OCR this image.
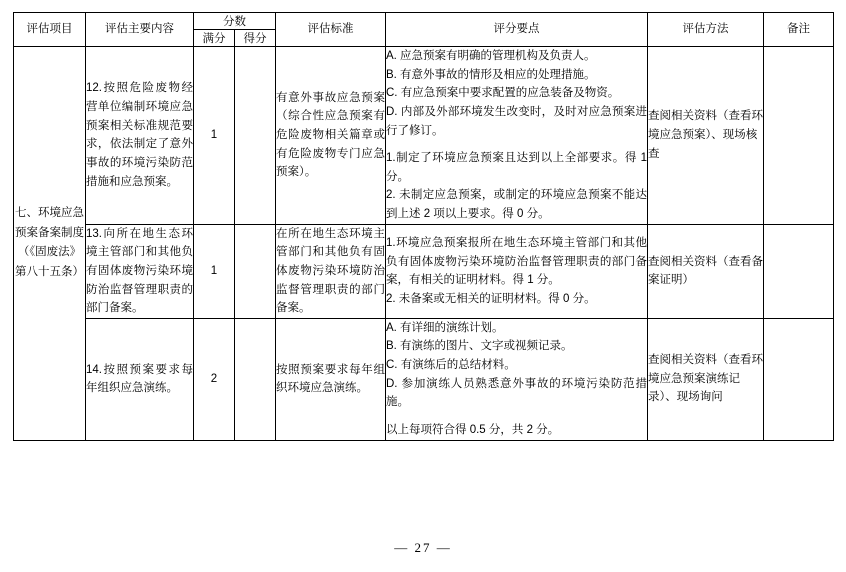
评估项目	评估主要内容	分数		评估标准	评分要点	评估方法	备注
		满分	得分				
七、环境应急预案备案制度（《固废法》第八十五条）	12.按照危险废物经营单位编制环境应急预案相关标准规范要求，依法制定了意外事故的环境污染防范措施和应急预案。	1		有意外事故应急预案（综合性应急预案有危险废物相关篇章或有危险废物专门应急预案）。	

A. 应急预案有明确的管理机构及负责人。

B. 有意外事故的情形及相应的处理措施。

C. 有应急预案中要求配置的应急装备及物资。

D. 内部及外部环境发生改变时，及时对应急预案进行了修订。

1.制定了环境应急预案且达到以上全部要求。得 1 分。

2. 未制定应急预案，或制定的环境应急预案不能达到上述 2 项以上要求。得 0 分。

	查阅相关资料（查看环境应急预案）、现场核查	
	13.向所在地生态环境主管部门和其他负有固体废物污染环境防治监督管理职责的部门备案。	1		在所在地生态环境主管部门和其他负有固体废物污染环境防治监督管理职责的部门备案。	1.环境应急预案报所在地生态环境主管部门和其他负有固体废物污染环境防治监督管理职责的部门备案，有相关的证明材料。得 1 分。

2. 未备案或无相关的证明材料。得 0 分。	查阅相关资料（查看备案证明）	
	14.按照预案要求每年组织应急演练。	2		按照预案要求每年组织环境应急演练。	A. 有详细的演练计划。

B. 有演练的图片、文字或视频记录。

C. 有演练后的总结材料。

D. 参加演练人员熟悉意外事故的环境污染防范措施。

以上每项符合得 0.5 分，共 2 分。	查阅相关资料（查看环境应急预案演练记录）、现场询问	
— 27 —
